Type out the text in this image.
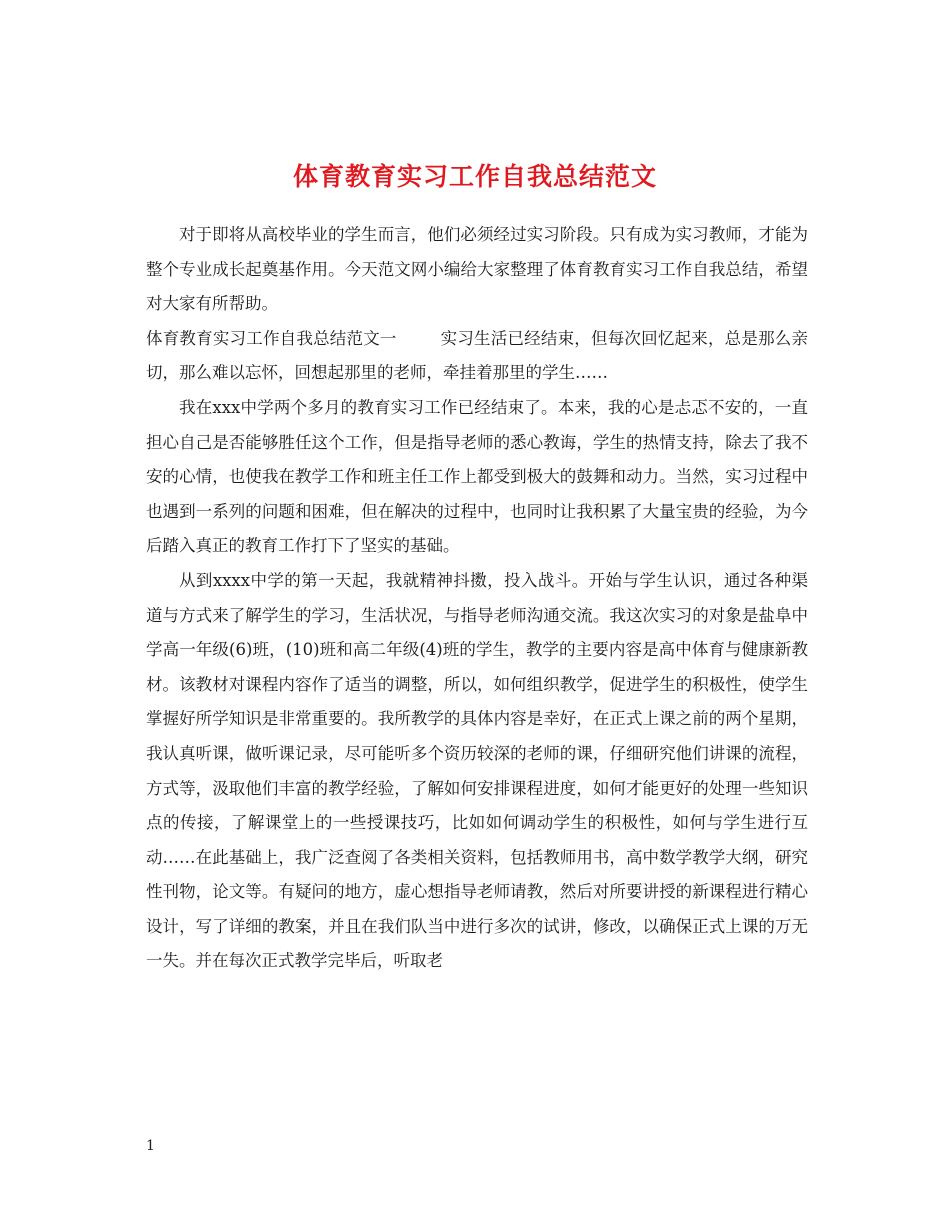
体育教育实习工作自我总结范文

对于即将从高校毕业的学生而言，他们必须经过实习阶段。只有成为实习教师，才能为整个专业成长起奠基作用。今天范文网小编给大家整理了体育教育实习工作自我总结，希望对大家有所帮助。

体育教育实习工作自我总结范文一	实习生活已经结束，但每次回忆起来，总是那么亲切，那么难以忘怀，回想起那里的老师，牵挂着那里的学生……

我在xxx中学两个多月的教育实习工作已经结束了。本来，我的心是忐忑不安的，一直担心自己是否能够胜任这个工作，但是指导老师的悉心教诲，学生的热情支持，除去了我不安的心情，也使我在教学工作和班主任工作上都受到极大的鼓舞和动力。当然，实习过程中也遇到一系列的问题和困难，但在解决的过程中，也同时让我积累了大量宝贵的经验，为今后踏入真正的教育工作打下了坚实的基础。

从到xxxx中学的第一天起，我就精神抖擞，投入战斗。开始与学生认识，通过各种渠道与方式来了解学生的学习，生活状况，与指导老师沟通交流。我这次实习的对象是盐阜中学高一年级(6)班，(10)班和高二年级(4)班的学生，教学的主要内容是高中体育与健康新教材。该教材对课程内容作了适当的调整，所以，如何组织教学，促进学生的积极性，使学生掌握好所学知识是非常重要的。我所教学的具体内容是幸好，在正式上课之前的两个星期，我认真听课，做听课记录，尽可能听多个资历较深的老师的课，仔细研究他们讲课的流程，方式等，汲取他们丰富的教学经验，了解如何安排课程进度，如何才能更好的处理一些知识点的传接，了解课堂上的一些授课技巧，比如如何调动学生的积极性，如何与学生进行互动……在此基础上，我广泛查阅了各类相关资料，包括教师用书，高中数学教学大纲，研究性刊物，论文等。有疑问的地方，虚心想指导老师请教，然后对所要讲授的新课程进行精心设计，写了详细的教案，并且在我们队当中进行多次的试讲，修改，以确保正式上课的万无一失。并在每次正式教学完毕后，听取老

1
